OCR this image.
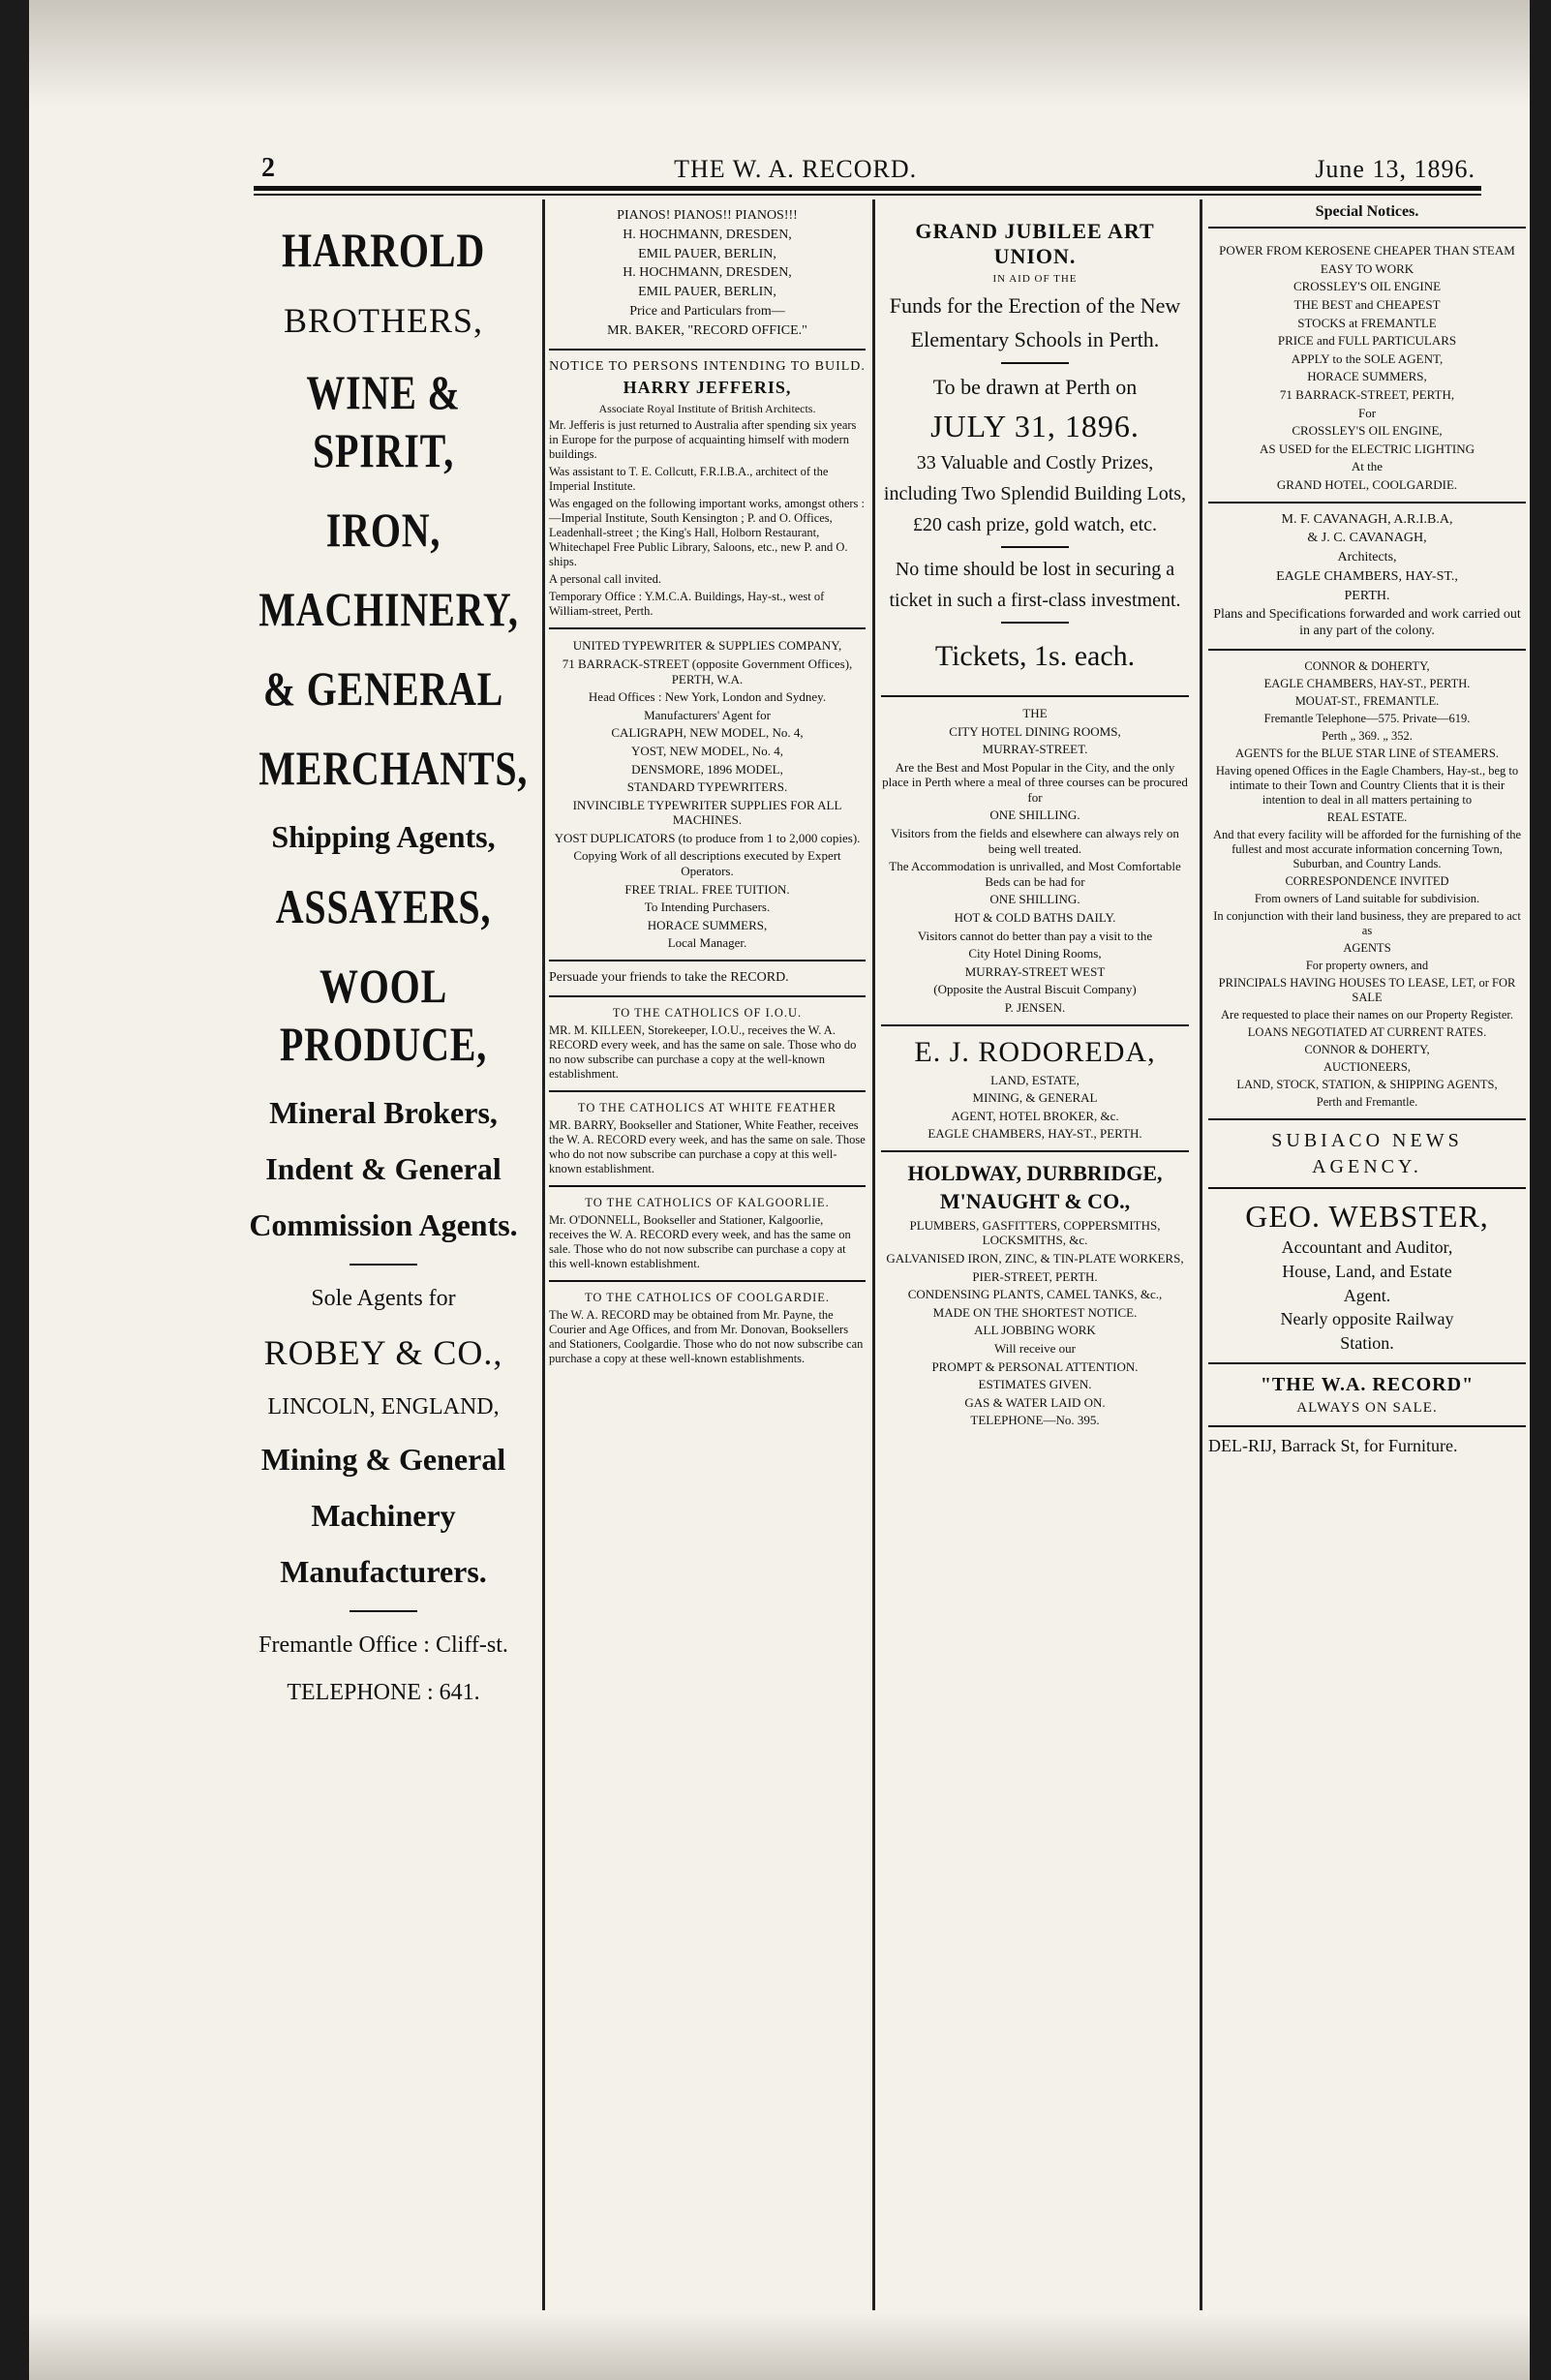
2	THE W. A. RECORD.	June 13, 1896.

HARROLD

BROTHERS,

WINE & SPIRIT,

IRON,

MACHINERY,

& GENERAL

MERCHANTS,

Shipping Agents,

ASSAYERS,

WOOL PRODUCE,

Mineral Brokers,

Indent & General

Commission Agents.

Sole Agents for

ROBEY & CO.,

LINCOLN, ENGLAND,

Mining & General

Machinery

Manufacturers.

Fremantle Office : Cliff-st.

TELEPHONE : 641.

PIANOS! PIANOS!! PIANOS!!!

H. HOCHMANN, DRESDEN,

EMIL PAUER, BERLIN,

H. HOCHMANN, DRESDEN,

EMIL PAUER, BERLIN,

Price and Particulars from—

MR. BAKER, "RECORD OFFICE."

NOTICE TO PERSONS INTENDING TO BUILD.

HARRY JEFFERIS,

Associate Royal Institute of British Architects.

Mr. Jefferis is just returned to Australia after spending six years in Europe for the purpose of acquainting himself with modern buildings.

Was assistant to T. E. Collcutt, F.R.I.B.A., architect of the Imperial Institute.

Was engaged on the following important works, amongst others :—Imperial Institute, South Kensington ; P. and O. Offices, Leadenhall-street ; the King's Hall, Holborn Restaurant, Whitechapel Free Public Library, Saloons, etc., new P. and O. ships.

A personal call invited.

Temporary Office : Y.M.C.A. Buildings, Hay-st., west of William-street, Perth.

UNITED TYPEWRITER & SUPPLIES COMPANY,

71 BARRACK-STREET (opposite Government Offices), PERTH, W.A.

Head Offices : New York, London and Sydney.

Manufacturers' Agent for

CALIGRAPH, NEW MODEL, No. 4,

YOST, NEW MODEL, No. 4,

DENSMORE, 1896 MODEL,

STANDARD TYPEWRITERS.

INVINCIBLE TYPEWRITER SUPPLIES FOR ALL MACHINES.

YOST DUPLICATORS (to produce from 1 to 2,000 copies).

Copying Work of all descriptions executed by Expert Operators.

FREE TRIAL. FREE TUITION.

To Intending Purchasers.

HORACE SUMMERS,

Local Manager.

Persuade your friends to take the RECORD.

TO THE CATHOLICS OF I.O.U.

MR. M. KILLEEN, Storekeeper, I.O.U., receives the W. A. RECORD every week, and has the same on sale. Those who do no now subscribe can purchase a copy at the well-known establishment.

TO THE CATHOLICS AT WHITE FEATHER

MR. BARRY, Bookseller and Stationer, White Feather, receives the W. A. RECORD every week, and has the same on sale. Those who do not now subscribe can purchase a copy at this well-known establishment.

TO THE CATHOLICS OF KALGOORLIE.

Mr. O'DONNELL, Bookseller and Stationer, Kalgoorlie, receives the W. A. RECORD every week, and has the same on sale. Those who do not now subscribe can purchase a copy at this well-known establishment.

TO THE CATHOLICS OF COOLGARDIE.

The W. A. RECORD may be obtained from Mr. Payne, the Courier and Age Offices, and from Mr. Donovan, Booksellers and Stationers, Coolgardie. Those who do not now subscribe can purchase a copy at these well-known establishments.

GRAND JUBILEE ART UNION.

IN AID OF THE

Funds for the Erection of the New Elementary Schools in Perth.

To be drawn at Perth on

JULY 31, 1896.

33 Valuable and Costly Prizes, including Two Splendid Building Lots, £20 cash prize, gold watch, etc.

No time should be lost in securing a ticket in such a first-class investment.

Tickets, 1s. each.

THE

CITY HOTEL DINING ROOMS,

MURRAY-STREET.

Are the Best and Most Popular in the City, and the only place in Perth where a meal of three courses can be procured for

ONE SHILLING.

Visitors from the fields and elsewhere can always rely on being well treated.

The Accommodation is unrivalled, and Most Comfortable Beds can be had for

ONE SHILLING.

HOT & COLD BATHS DAILY.

Visitors cannot do better than pay a visit to the

City Hotel Dining Rooms,

MURRAY-STREET WEST

(Opposite the Austral Biscuit Company)

P. JENSEN.

E. J. RODOREDA,

LAND, ESTATE,

MINING, & GENERAL

AGENT, HOTEL BROKER, &c.

EAGLE CHAMBERS, HAY-ST., PERTH.

HOLDWAY, DURBRIDGE,

M'NAUGHT & CO.,

PLUMBERS, GASFITTERS, COPPERSMITHS, LOCKSMITHS, &c.

GALVANISED IRON, ZINC, & TIN-PLATE WORKERS,

PIER-STREET, PERTH.

CONDENSING PLANTS, CAMEL TANKS, &c.,

MADE ON THE SHORTEST NOTICE.

ALL JOBBING WORK

Will receive our

PROMPT & PERSONAL ATTENTION.

ESTIMATES GIVEN.

GAS & WATER LAID ON.

TELEPHONE—No. 395.

Special Notices.

POWER FROM KEROSENE CHEAPER THAN STEAM

EASY TO WORK

CROSSLEY'S OIL ENGINE

THE BEST and CHEAPEST

STOCKS at FREMANTLE

PRICE and FULL PARTICULARS

APPLY to the SOLE AGENT,

HORACE SUMMERS,

71 BARRACK-STREET, PERTH,

For

CROSSLEY'S OIL ENGINE,

AS USED for the ELECTRIC LIGHTING

At the

GRAND HOTEL, COOLGARDIE.

M. F. CAVANAGH, A.R.I.B.A,

& J. C. CAVANAGH,

Architects,

EAGLE CHAMBERS, HAY-ST.,

PERTH.

Plans and Specifications forwarded and work carried out in any part of the colony.

CONNOR & DOHERTY,

EAGLE CHAMBERS, HAY-ST., PERTH.

MOUAT-ST., FREMANTLE.

Fremantle Telephone—575. Private—619.

Perth „ 369. „ 352.

AGENTS for the BLUE STAR LINE of STEAMERS.

Having opened Offices in the Eagle Chambers, Hay-st., beg to intimate to their Town and Country Clients that it is their intention to deal in all matters pertaining to

REAL ESTATE.

And that every facility will be afforded for the furnishing of the fullest and most accurate information concerning Town, Suburban, and Country Lands.

CORRESPONDENCE INVITED

From owners of Land suitable for subdivision.

In conjunction with their land business, they are prepared to act as

AGENTS

For property owners, and

PRINCIPALS HAVING HOUSES TO LEASE, LET, or FOR SALE

Are requested to place their names on our Property Register.

LOANS NEGOTIATED AT CURRENT RATES.

CONNOR & DOHERTY,

AUCTIONEERS,

LAND, STOCK, STATION, & SHIPPING AGENTS,

Perth and Fremantle.

SUBIACO NEWS

AGENCY.

GEO. WEBSTER,

Accountant and Auditor,

House, Land, and Estate

Agent.

Nearly opposite Railway

Station.

"THE W.A. RECORD"

ALWAYS ON SALE.

DEL-RIJ, Barrack St, for Furniture.
